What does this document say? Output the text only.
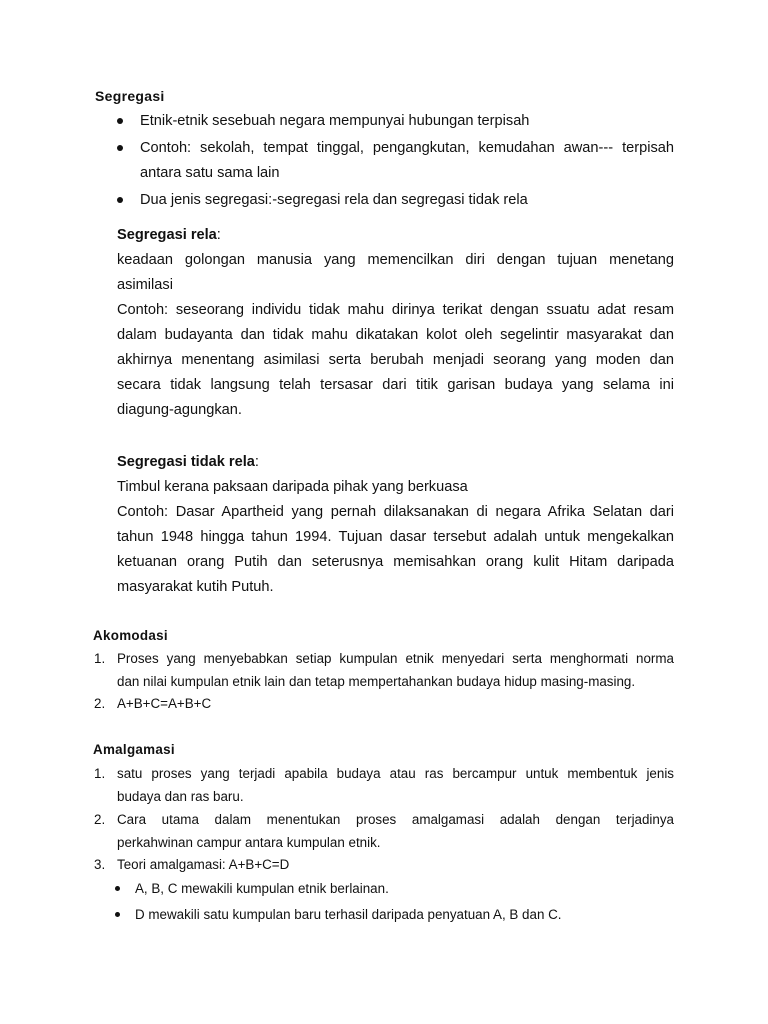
Segregasi
Etnik-etnik sesebuah negara mempunyai hubungan terpisah
Contoh: sekolah, tempat tinggal, pengangkutan, kemudahan awan--- terpisah
antara satu sama lain
Dua jenis segregasi:-segregasi rela dan segregasi tidak rela
Segregasi rela:
keadaan golongan manusia yang memencilkan diri dengan tujuan menetang
asimilasi
Contoh: seseorang individu tidak mahu dirinya terikat dengan ssuatu adat resam
dalam budayanta dan tidak mahu dikatakan kolot oleh segelintir masyarakat dan
akhirnya menentang asimilasi serta berubah menjadi seorang yang moden dan
secara tidak langsung telah tersasar dari titik garisan budaya yang selama ini
diagung-agungkan.
Segregasi tidak rela:
Timbul kerana paksaan daripada pihak yang berkuasa
Contoh: Dasar Apartheid yang pernah dilaksanakan di negara Afrika Selatan dari
tahun 1948 hingga tahun 1994. Tujuan dasar tersebut adalah untuk mengekalkan
ketuanan orang Putih dan seterusnya memisahkan orang kulit Hitam daripada
masyarakat kutih Putuh.
Akomodasi
1. Proses yang menyebabkan setiap kumpulan etnik menyedari serta menghormati norma
dan nilai kumpulan etnik lain dan tetap mempertahankan budaya hidup masing-masing.
2. A+B+C=A+B+C
Amalgamasi
1. satu proses yang terjadi apabila budaya atau ras bercampur untuk membentuk jenis
budaya dan ras baru.
2. Cara utama dalam menentukan proses amalgamasi adalah dengan terjadinya
perkahwinan campur antara kumpulan etnik.
3. Teori amalgamasi: A+B+C=D
A, B, C mewakili kumpulan etnik berlainan.
D mewakili satu kumpulan baru terhasil daripada penyatuan A, B dan C.
